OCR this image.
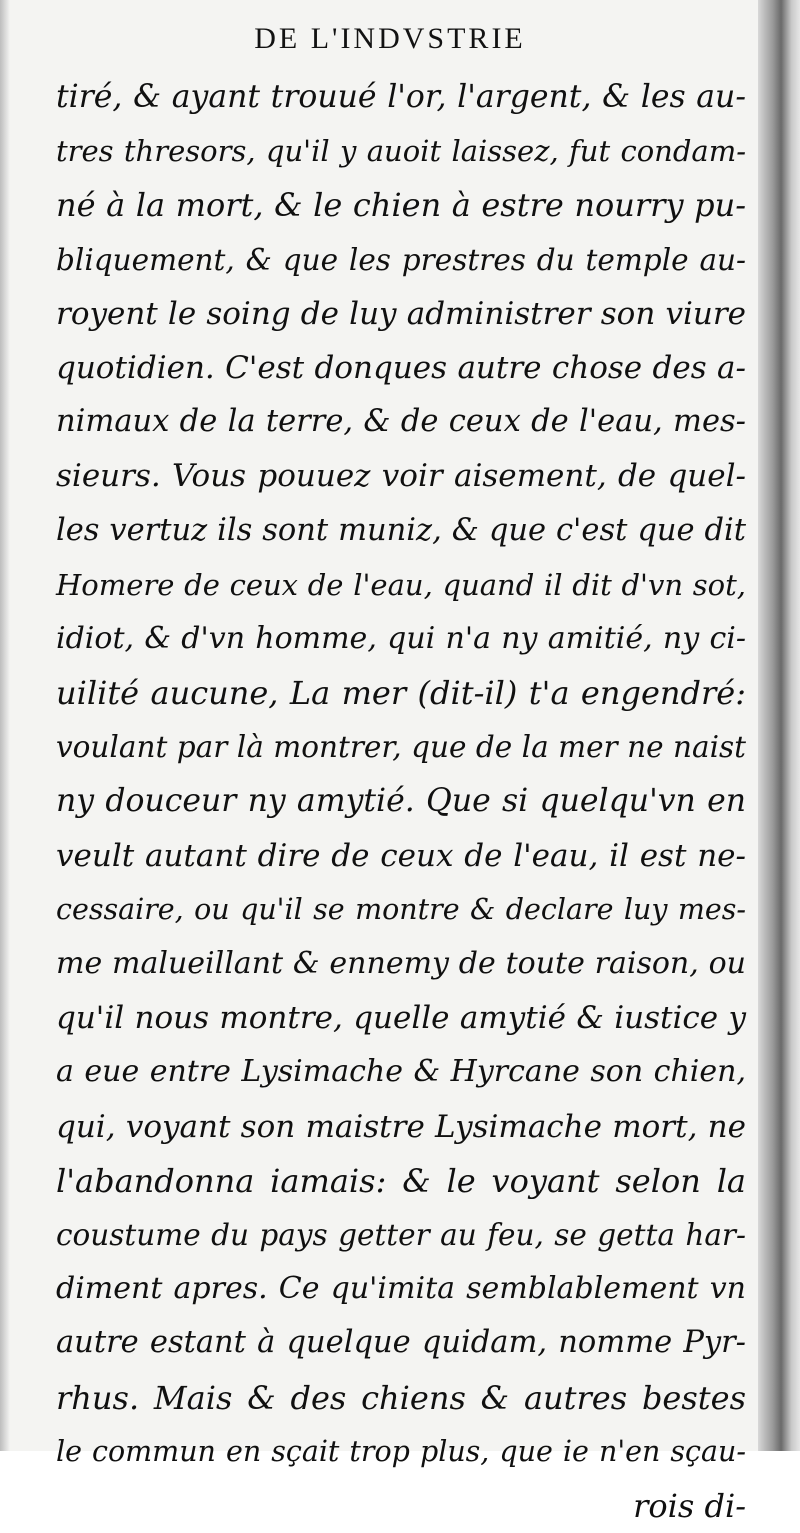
DE L'INDVSTRIE
tiré, & ayant trouué l'or, l'argent, & les au-
tres thresors, qu'il y auoit laissez, fut condam-
né à la mort, & le chien à estre nourry pu-
bliquement, & que les prestres du temple au-
royent le soing de luy administrer son viure
quotidien. C'est donques autre chose des a-
nimaux de la terre, & de ceux de l'eau, mes-
sieurs. Vous pouuez voir aisement, de quel-
les vertuz ils sont muniz, & que c'est que dit
Homere de ceux de l'eau, quand il dit d'vn sot,
idiot, & d'vn homme, qui n'a ny amitié, ny ci-
uilité aucune, La mer (dit-il) t'a engendré:
voulant par là montrer, que de la mer ne naist
ny douceur ny amytié. Que si quelqu'vn en
veult autant dire de ceux de l'eau, il est ne-
cessaire, ou qu'il se montre & declare luy mes-
me malueillant & ennemy de toute raison, ou
qu'il nous montre, quelle amytié & iustice y
a eue entre Lysimache & Hyrcane son chien,
qui, voyant son maistre Lysimache mort, ne
l'abandonna iamais: & le voyant selon la
coustume du pays getter au feu, se getta har-
diment apres. Ce qu'imita semblablement vn
autre estant à quelque quidam, nomme Pyr-
rhus. Mais & des chiens & autres bestes
le commun en sçait trop plus, que ie n'en sçau-
rois di-
